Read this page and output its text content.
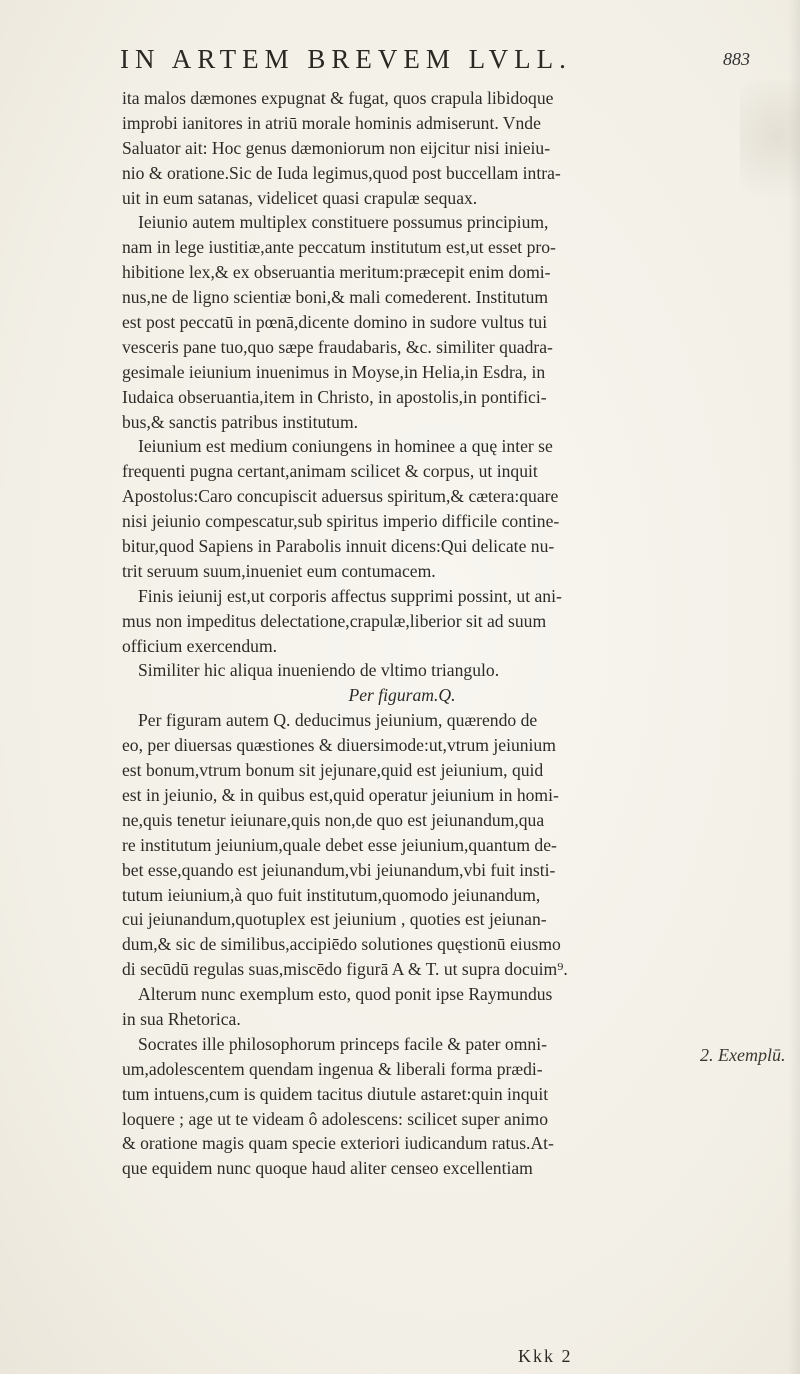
IN ARTEM BREVEM LVLL.	883
ita malos dæmones expugnat & fugat, quos crapula libidoque
improbi ianitores in atriū morale hominis admiserunt. Vnde
Saluator ait: Hoc genus dæmoniorum non eijcitur nisi inieiu-
nio & oratione.Sic de Iuda legimus,quod post buccellam intra-
uit in eum satanas, videlicet quasi crapulæ sequax.
Ieiunio autem multiplex constituere possumus principium,
nam in lege iustitiæ,ante peccatum institutum est,ut esset pro-
hibitione lex,& ex obseruantia meritum:præcepit enim domi-
nus,ne de ligno scientiæ boni,& mali comederent. Institutum
est post peccatū in pœnā,dicente domino in sudore vultus tui
vesceris pane tuo,quo sæpe fraudabaris, &c. similiter quadra-
gesimale ieiunium inuenimus in Moyse,in Helia,in Esdra, in
Iudaica obseruantia,item in Christo, in apostolis,in pontifici-
bus,& sanctis patribus institutum.
Ieiunium est medium coniungens in hominee a quę inter se
frequenti pugna certant,animam scilicet & corpus, ut inquit
Apostolus:Caro concupiscit aduersus spiritum,& cætera:quare
nisi jeiunio compescatur,sub spiritus imperio difficile contine-
bitur,quod Sapiens in Parabolis innuit dicens:Qui delicate nu-
trit seruum suum,inueniet eum contumacem.
Finis ieiunij est,ut corporis affectus supprimi possint, ut ani-
mus non impeditus delectatione,crapulæ,liberior sit ad suum
officium exercendum.
Similiter hic aliqua inueniendo de vltimo triangulo.
Per figuram.Q.
Per figuram autem Q. deducimus jeiunium, quærendo de
eo, per diuersas quæstiones & diuersimode:ut,vtrum jeiunium
est bonum,vtrum bonum sit jejunare,quid est jeiunium, quid
est in jeiunio, & in quibus est,quid operatur jeiunium in homi-
ne,quis tenetur ieiunare,quis non,de quo est jeiunandum,qua
re institutum jeiunium,quale debet esse jeiunium,quantum de-
bet esse,quando est jeiunandum,vbi jeiunandum,vbi fuit insti-
tutum ieiunium,à quo fuit institutum,quomodo jeiunandum,
cui jeiunandum,quotuplex est jeiunium , quoties est jeiunan-
dum,& sic de similibus,accipiēdo solutiones quęstionū eiusmo
di secūdū regulas suas,miscēdo figurā A & T. ut supra docuim⁹.
Alterum nunc exemplum esto, quod ponit ipse Raymundus
in sua Rhetorica.
Socrates ille philosophorum princeps facile & pater omni-
um,adolescentem quendam ingenua & liberali forma prædi-
tum intuens,cum is quidem tacitus diutule astaret:quin inquit
loquere ; age ut te videam ô adolescens: scilicet super animo
& oratione magis quam specie exteriori iudicandum ratus.At-
que equidem nunc quoque haud aliter censeo excellentiam
2. Exemplū.
Kkk 2
